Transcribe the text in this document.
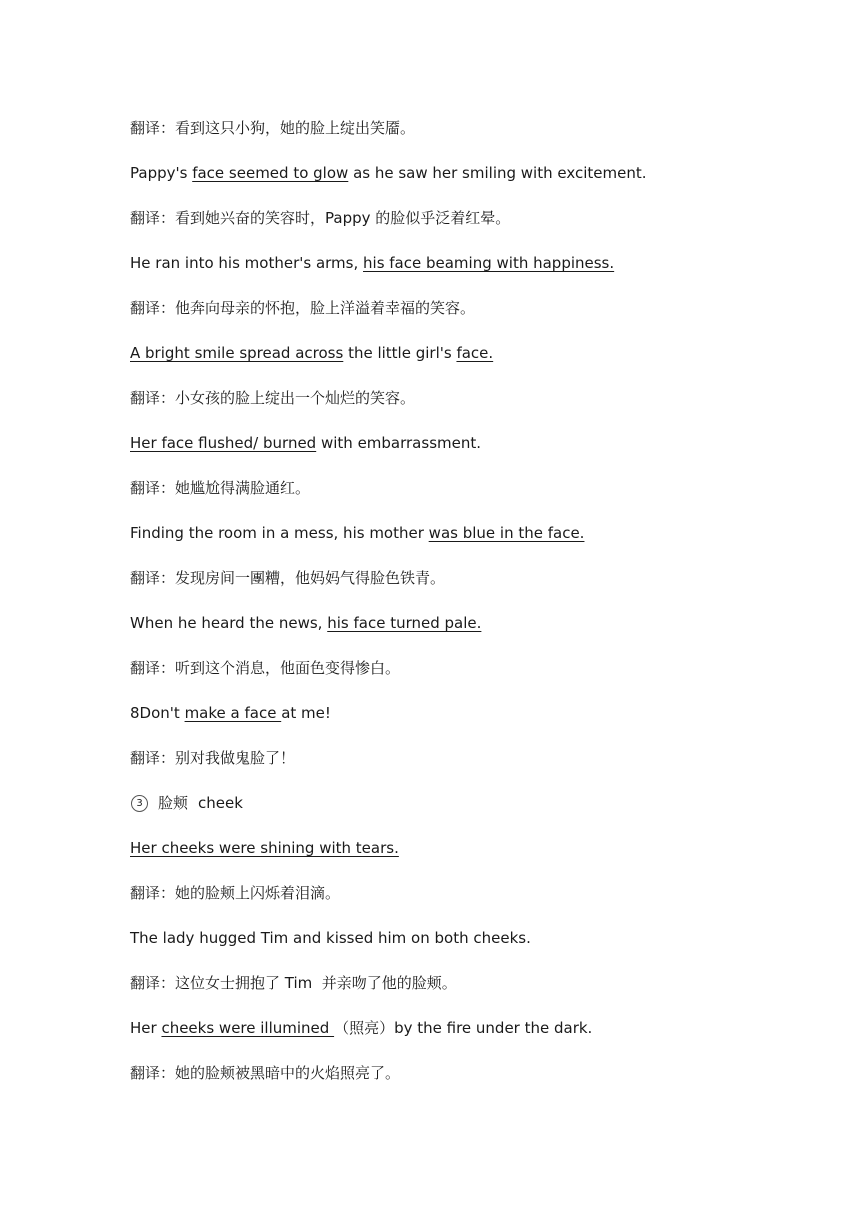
翻译：看到这只小狗，她的脸上绽出笑靥。
Pappy's face seemed to glow as he saw her smiling with excitement.
翻译：看到她兴奋的笑容时，Pappy 的脸似乎泛着红晕。
He ran into his mother's arms, his face beaming with happiness.
翻译：他奔向母亲的怀抱，脸上洋溢着幸福的笑容。
A bright smile spread across the little girl's face.
翻译：小女孩的脸上绽出一个灿烂的笑容。
Her face flushed/ burned with embarrassment.
翻译：她尴尬得满脸通红。
Finding the room in a mess, his mother was blue in the face.
翻译：发现房间一團糟，他妈妈气得脸色铁青。
When he heard the news, his face turned pale.
翻译：听到这个消息，他面色变得惨白。
8Don't make a face at me!
翻译：别对我做鬼脸了！
3	脸颊 cheek
Her cheeks were shining with tears.
翻译：她的脸颊上闪烁着泪滴。
The lady hugged Tim and kissed him on both cheeks.
翻译：这位女士拥抱了 Tim  并亲吻了他的脸颊。
Her cheeks were illumined （照亮）by the fire under the dark.
翻译：她的脸颊被黑暗中的火焰照亮了。
